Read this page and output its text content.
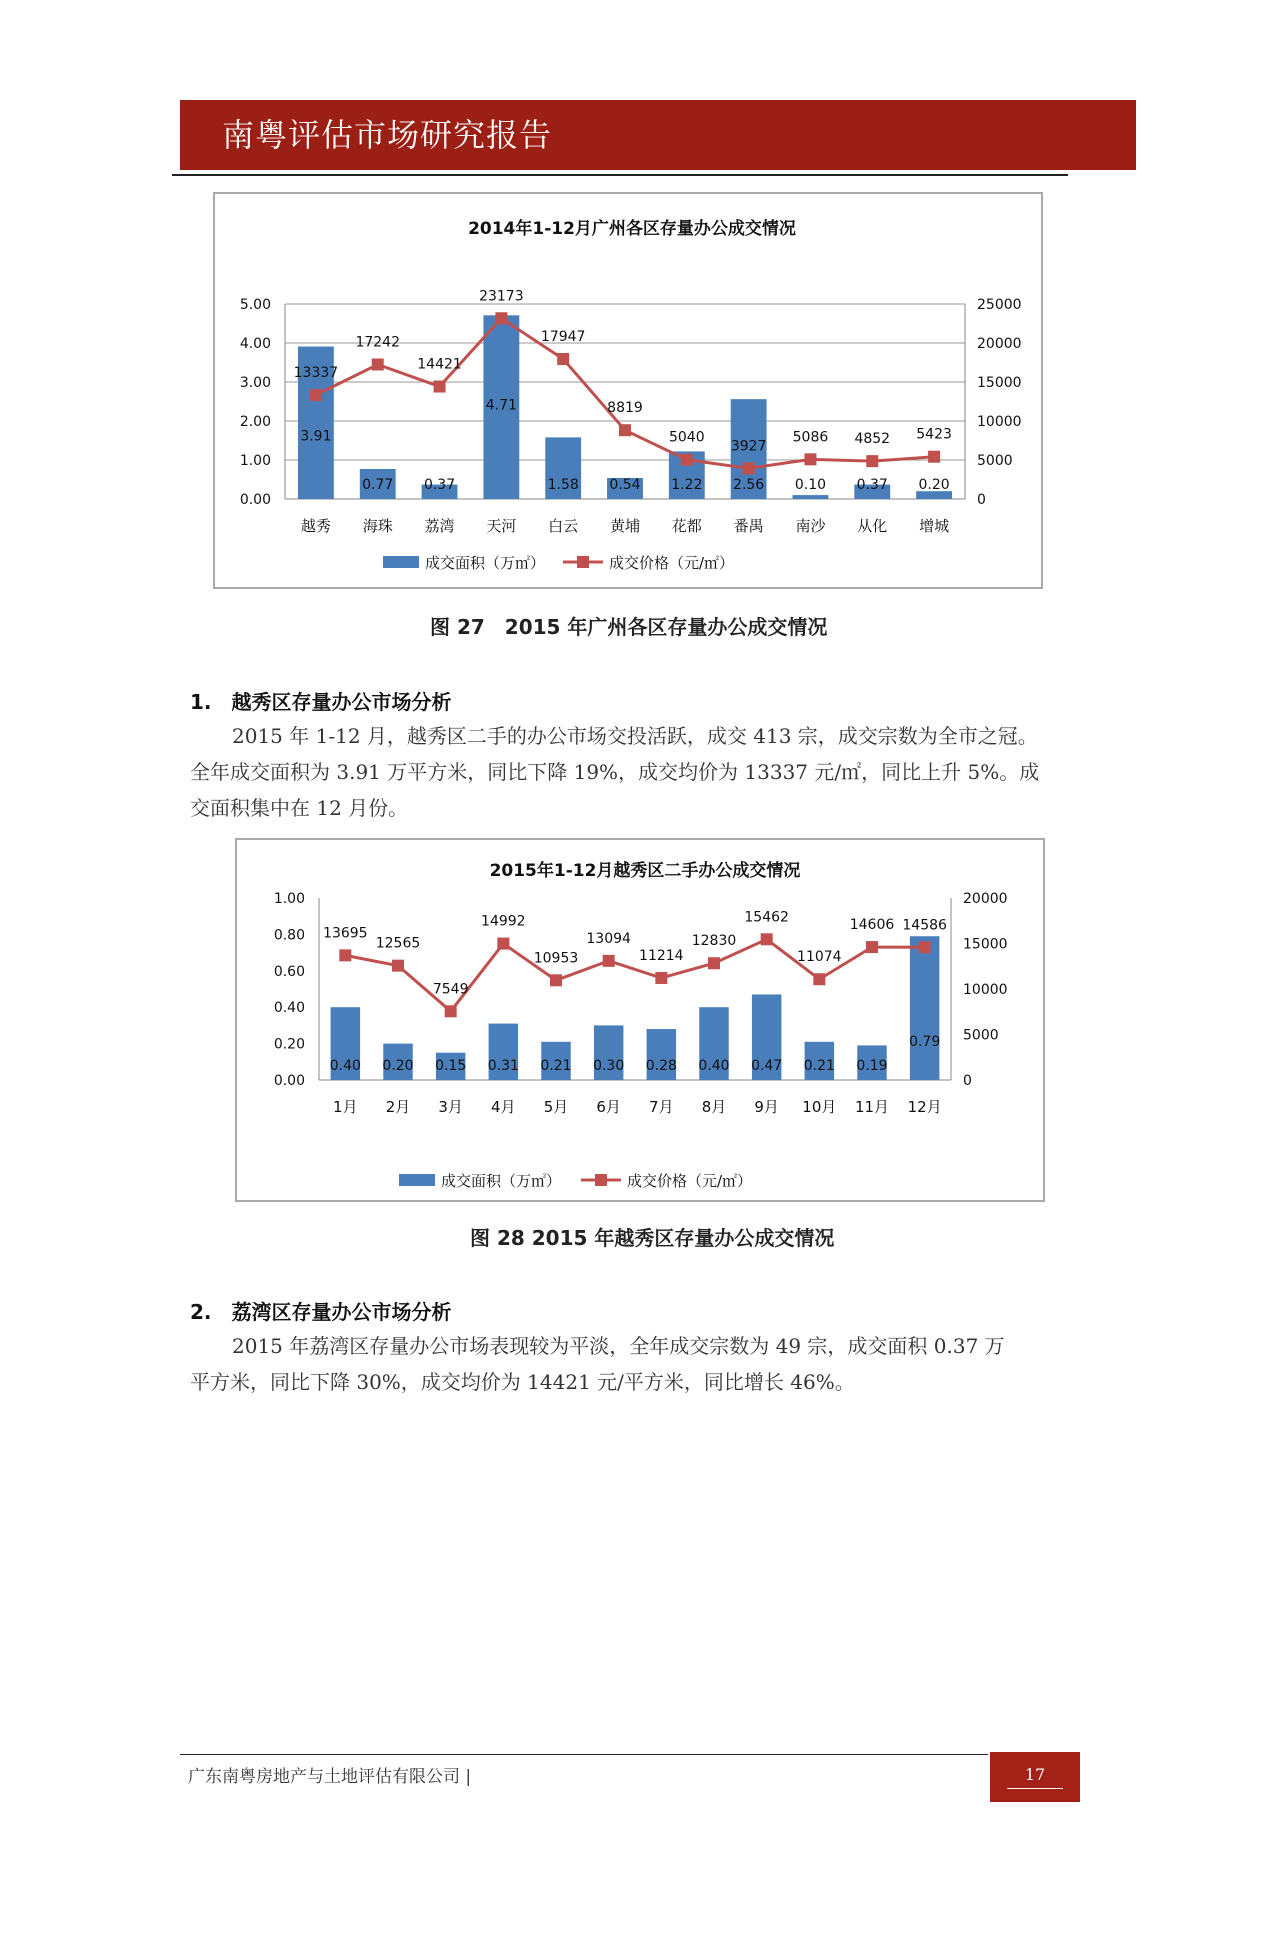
南粤评估市场研究报告
2014年1-12月广州各区存量办公成交情况
0.00
1.00
2.00
3.00
4.00
5.00
0
5000
10000
15000
20000
25000
3.91
越秀
0.77
海珠
0.37
荔湾
4.71
天河
1.58
白云
0.54
黄埔
1.22
花都
2.56
番禺
0.10
南沙
0.37
从化
0.20
增城
13337
17242
14421
23173
17947
8819
5040
3927
5086 4852 5423
成交面积（万㎡）	成交价格（元/㎡）
图 27　2015 年广州各区存量办公成交情况
1.　越秀区存量办公市场分析
2015 年 1-12 月，越秀区二手的办公市场交投活跃，成交 413 宗，成交宗数为全市之冠。
全年成交面积为 3.91 万平方米，同比下降 19%，成交均价为 13337 元/㎡，同比上升 5%。成
交面积集中在 12 月份。
2015年1-12月越秀区二手办公成交情况
0.00
0.20
0.40
0.60
0.80
1.00
0
5000
10000
15000
20000
0.40
1月
0.20
2月
0.15
3月
0.31
4月
0.21
5月
0.30
6月
0.28
7月
0.40
8月
0.47
9月
0.21
10月
0.19
11月
0.79
12月
13695
12565
7549
14992
10953
13094
11214
12830
15462
11074
14606 14586
成交面积（万㎡）	成交价格（元/㎡）
图 28 2015 年越秀区存量办公成交情况
2.　荔湾区存量办公市场分析
2015 年荔湾区存量办公市场表现较为平淡，全年成交宗数为 49 宗，成交面积 0.37 万
平方米，同比下降 30%，成交均价为 14421 元/平方米，同比增长 46%。
广东南粤房地产与土地评估有限公司 |	17
